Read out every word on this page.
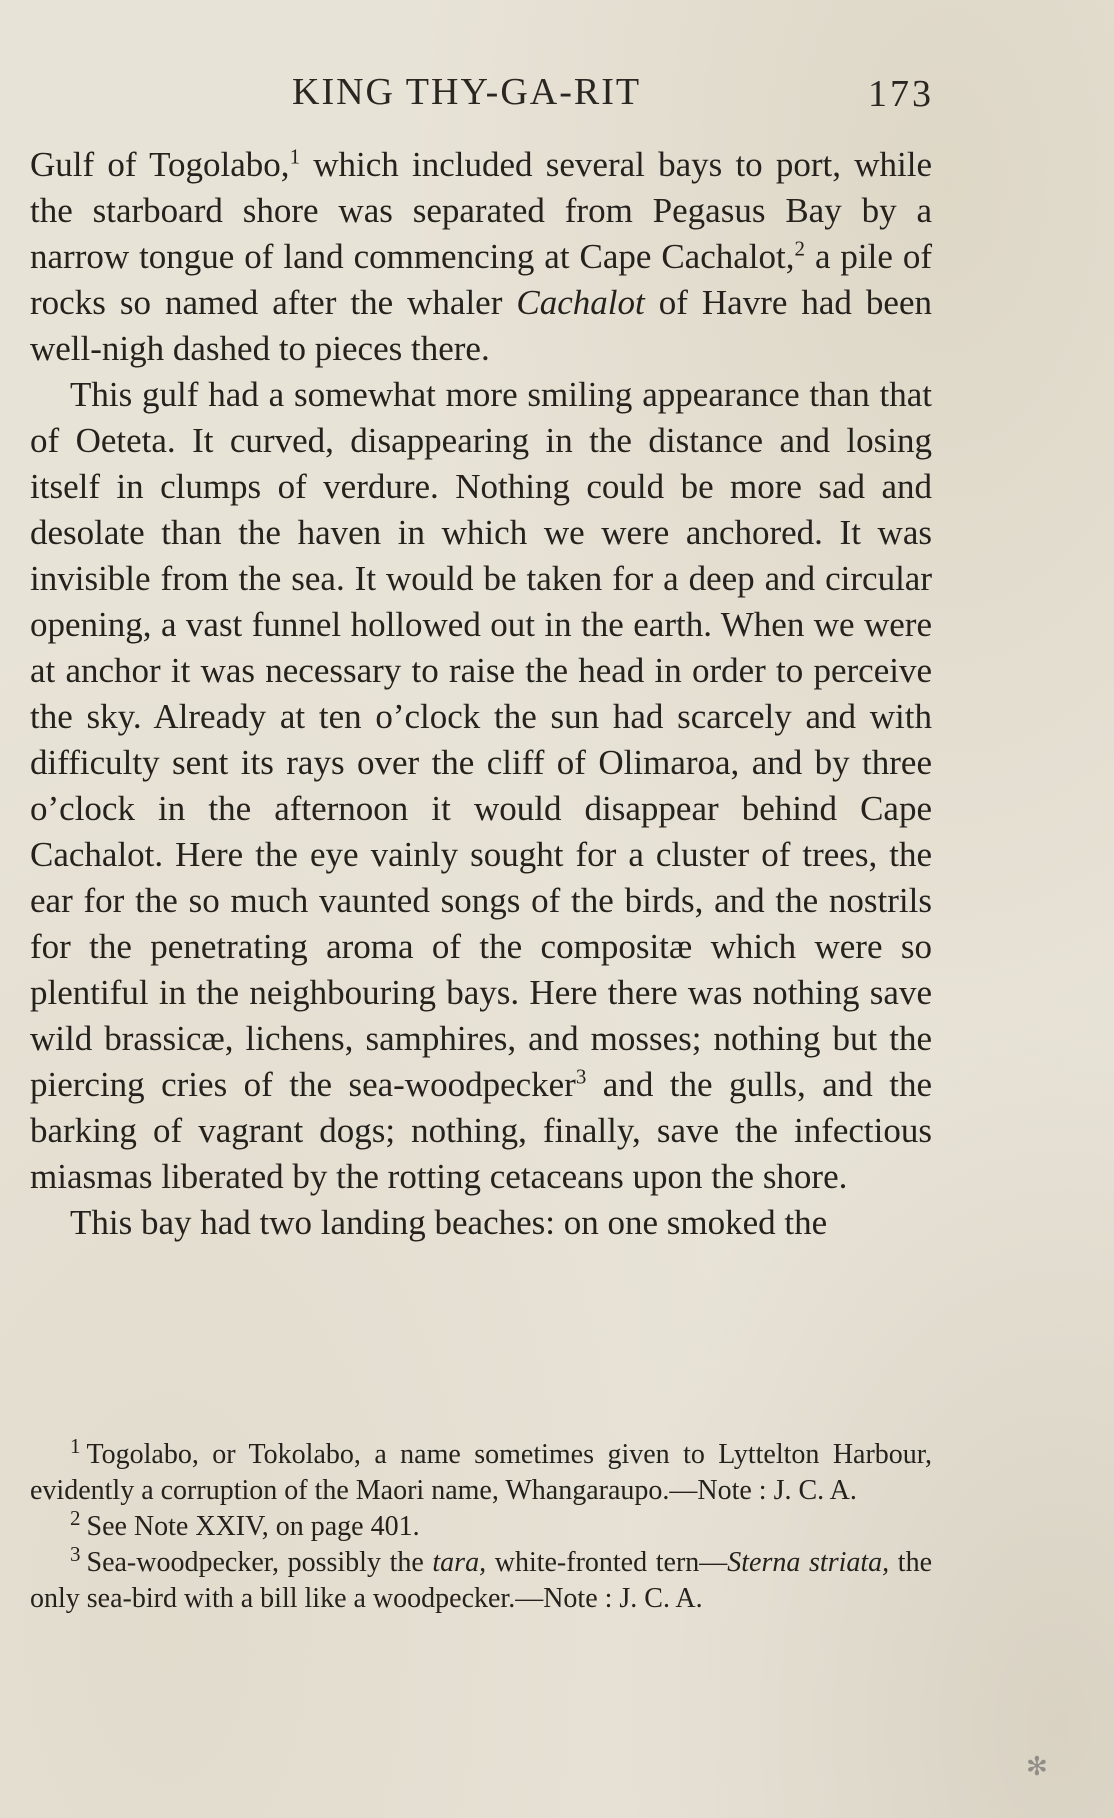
KING THY-GA-RIT	173

Gulf of Togolabo,$^1$ which included several bays to port, while the starboard shore was separated from Pegasus Bay by a narrow tongue of land commencing at Cape Cachalot,$^2$ a pile of rocks so named after the whaler Cachalot of Havre had been well-nigh dashed to pieces there.

This gulf had a somewhat more smiling appearance than that of Oeteta. It curved, disappearing in the distance and losing itself in clumps of verdure. Nothing could be more sad and desolate than the haven in which we were anchored. It was invisible from the sea. It would be taken for a deep and circular opening, a vast funnel hollowed out in the earth. When we were at anchor it was necessary to raise the head in order to perceive the sky. Already at ten o’clock the sun had scarcely and with difficulty sent its rays over the cliff of Olimaroa, and by three o’clock in the afternoon it would disappear behind Cape Cachalot. Here the eye vainly sought for a cluster of trees, the ear for the so much vaunted songs of the birds, and the nostrils for the penetrating aroma of the compositæ which were so plentiful in the neighbouring bays. Here there was nothing save wild brassicæ, lichens, samphires, and mosses; nothing but the piercing cries of the sea-woodpecker$^3$ and the gulls, and the barking of vagrant dogs; nothing, finally, save the infectious miasmas liberated by the rotting cetaceans upon the shore.

This bay had two landing beaches: on one smoked the

$^1$ Togolabo, or Tokolabo, a name sometimes given to Lyttelton Harbour, evidently a corruption of the Maori name, Whangaraupo.—Note : J. C. A.

$^2$ See Note XXIV, on page 401.

$^3$ Sea-woodpecker, possibly the tara, white-fronted tern—Sterna striata, the only sea-bird with a bill like a woodpecker.—Note : J. C. A.

✻
